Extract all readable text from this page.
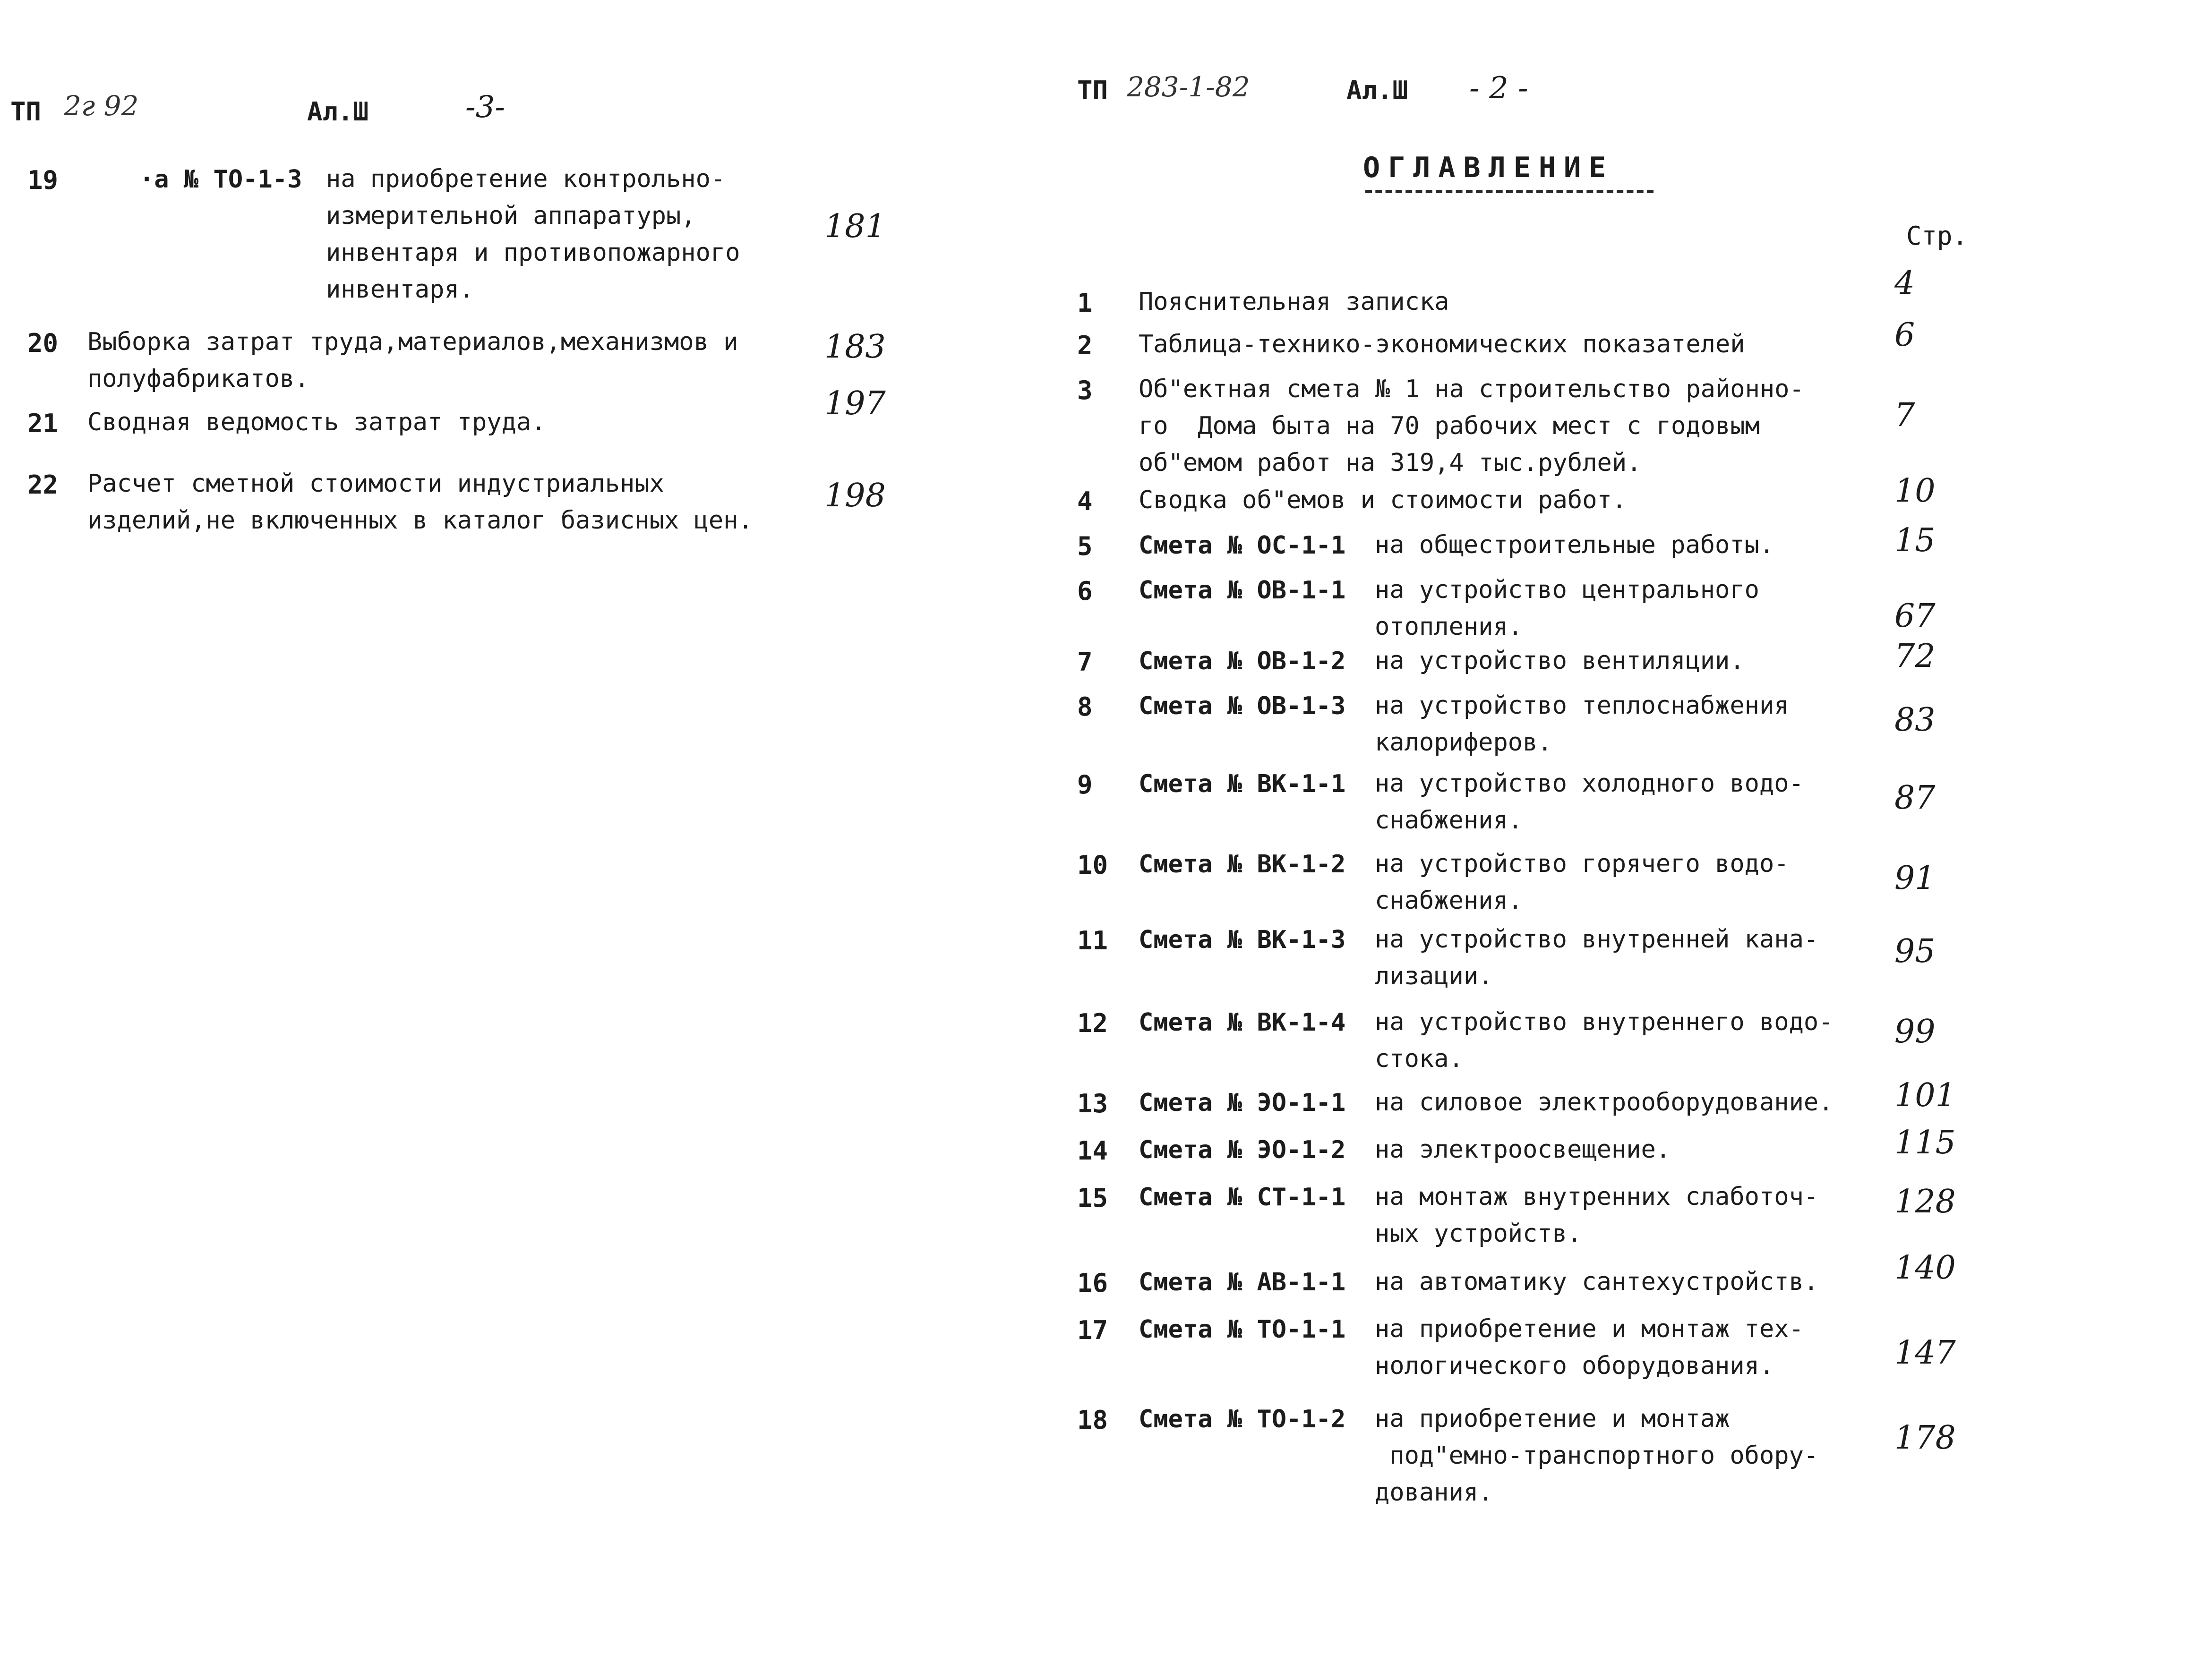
ТП 2г 92	Ал.Ш	-3-
19	·а № ТО-1-3 на приобретение контрольно-
измерительной аппаратуры,
инвентаря и противопожарного
инвентаря.
181
20 Выборка затрат труда,материалов,механизмов и
полуфабрикатов.
183
21 Сводная ведомость затрат труда.	197
22 Расчет сметной стоимости индустриальных
изделий,не включенных в каталог базисных цен.
198
ТП 283-1-82	Ал.Ш - 2 -
ОГЛАВЛЕНИЕ
Стр.
1 Пояснительная записка	4
2 Таблица-технико-экономических показателей	6
3 Об"ектная смета № 1 на строительство районно-
го  Дома быта на 70 рабочих мест с годовым
об"емом работ на 319,4 тыс.рублей.
7
4 Сводка об"емов и стоимости работ.	10
5 Смета № ОС-1-1 на общестроительные работы.	15
6 Смета № ОВ-1-1 на устройство центрального
отопления.	67
7 Смета № ОВ-1-2 на устройство вентиляции.	72
8 Смета № ОВ-1-3 на устройство теплоснабжения
калориферов.
83
9 Смета № ВК-1-1 на устройство холодного водо-
снабжения.
87
10 Смета № ВК-1-2 на устройство горячего водо-
снабжения.
91
11 Смета № ВК-1-3 на устройство внутренней кана-
лизации.
95
12 Смета № ВК-1-4 на устройство внутреннего водо-
стока.
99
13 Смета № ЭО-1-1 на силовое электрооборудование. 101
14 Смета № ЭО-1-2 на электроосвещение.	115
15 Смета № СТ-1-1 на монтаж внутренних слаботоч-
ных устройств.
128
16 Смета № АВ-1-1 на автоматику сантехустройств. 140
17 Смета № ТО-1-1 на приобретение и монтаж тех-
нологического оборудования.	147
18 Смета № ТО-1-2 на приобретение и монтаж
под"емно-транспортного обору-
дования.
178
